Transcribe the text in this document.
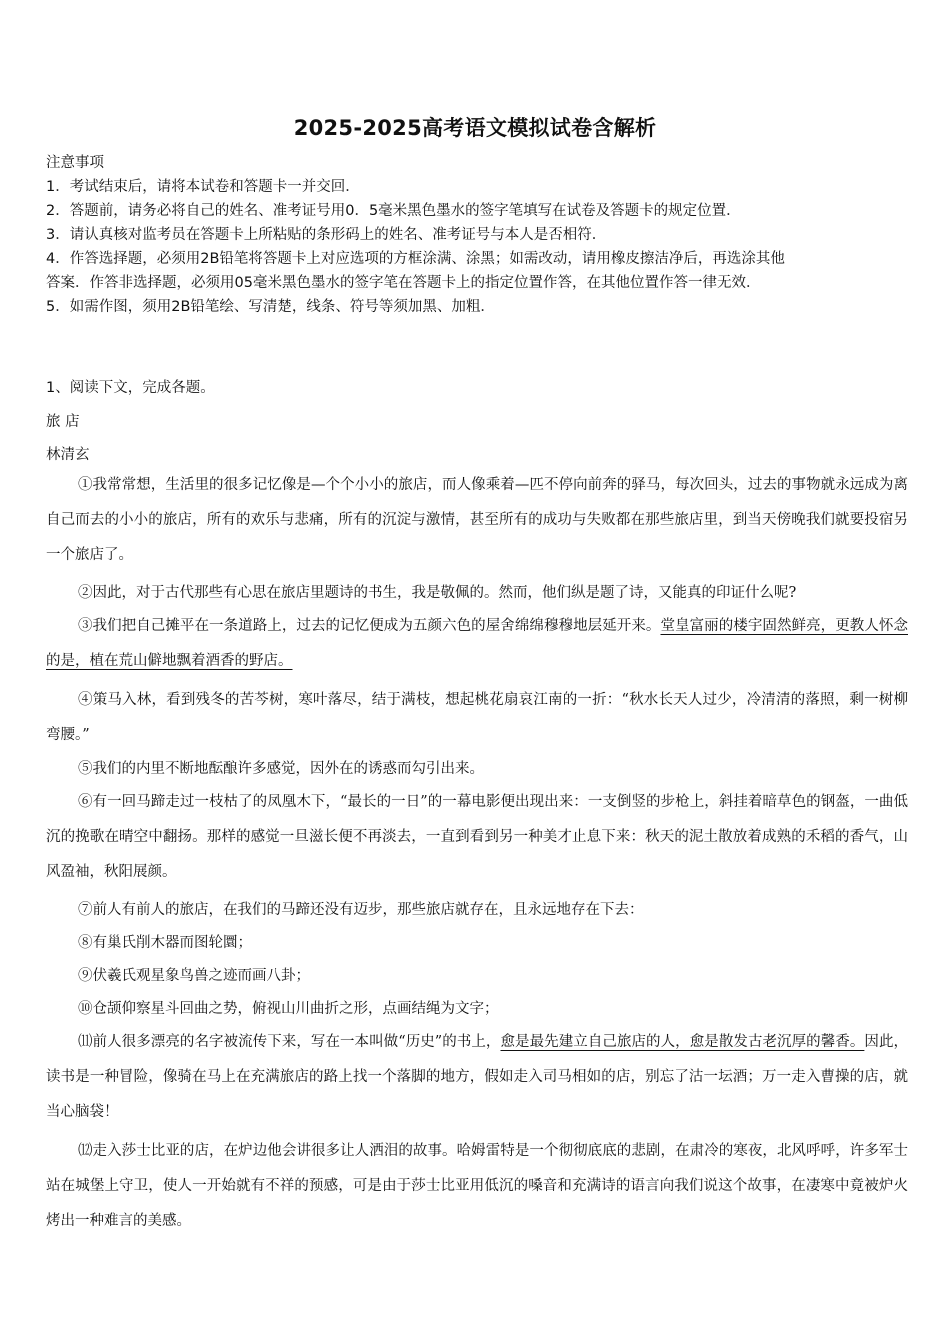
2025-2025高考语文模拟试卷含解析
注意事项
1．考试结束后，请将本试卷和答题卡一并交回．
2．答题前，请务必将自己的姓名、准考证号用0．5毫米黑色墨水的签字笔填写在试卷及答题卡的规定位置．
3．请认真核对监考员在答题卡上所粘贴的条形码上的姓名、准考证号与本人是否相符．
4．作答选择题，必须用2B铅笔将答题卡上对应选项的方框涂满、涂黑；如需改动，请用橡皮擦洁净后，再选涂其他
答案．作答非选择题，必须用05毫米黑色墨水的签字笔在答题卡上的指定位置作答，在其他位置作答一律无效．
5．如需作图，须用2B铅笔绘、写清楚，线条、符号等须加黑、加粗．
1、阅读下文，完成各题。
旅 店
林清玄
①我常常想，生活里的很多记忆像是—个个小小的旅店，而人像乘着—匹不停向前奔的驿马，每次回头，过去的事物就永远成为离自己而去的小小的旅店，所有的欢乐与悲痛，所有的沉淀与激情，甚至所有的成功与失败都在那些旅店里，到当天傍晚我们就要投宿另一个旅店了。
②因此，对于古代那些有心思在旅店里题诗的书生，我是敬佩的。然而，他们纵是题了诗，又能真的印证什么呢?
③我们把自己摊平在一条道路上，过去的记忆便成为五颜六色的屋舍绵绵穆穆地层延开来。堂皇富丽的楼宇固然鲜亮，更教人怀念的是，植在荒山僻地飘着酒香的野店。
④策马入林，看到残冬的苦芩树，寒叶落尽，结于满枝，想起桃花扇哀江南的一折：“秋水长天人过少，冷清清的落照，剩一树柳弯腰。”
⑤我们的内里不断地酝酿许多感觉，因外在的诱惑而勾引出来。
⑥有一回马蹄走过一枝枯了的凤凰木下，“最长的一日”的一幕电影便出现出来：一支倒竖的步枪上，斜挂着暗草色的钢盔，一曲低沉的挽歌在晴空中翻扬。那样的感觉一旦滋长便不再淡去，一直到看到另一种美才止息下来：秋天的泥土散放着成熟的禾稻的香气，山风盈袖，秋阳展颜。
⑦前人有前人的旅店，在我们的马蹄还没有迈步，那些旅店就存在，且永远地存在下去：
⑧有巢氏削木器而图轮圜；
⑨伏羲氏观星象鸟兽之迹而画八卦；
⑩仓颉仰察星斗回曲之势，俯视山川曲折之形，点画结绳为文字；
⑾前人很多漂亮的名字被流传下来，写在一本叫做“历史”的书上，愈是最先建立自己旅店的人，愈是散发古老沉厚的馨香。因此，读书是一种冒险，像骑在马上在充满旅店的路上找一个落脚的地方，假如走入司马相如的店，别忘了沽一坛酒；万一走入曹操的店，就当心脑袋！
⑿走入莎士比亚的店，在炉边他会讲很多让人洒泪的故事。哈姆雷特是一个彻彻底底的悲剧，在肃冷的寒夜，北风呼呼，许多军士站在城堡上守卫，使人一开始就有不祥的预感，可是由于莎士比亚用低沉的嗓音和充满诗的语言向我们说这个故事，在凄寒中竟被炉火烤出一种难言的美感。
